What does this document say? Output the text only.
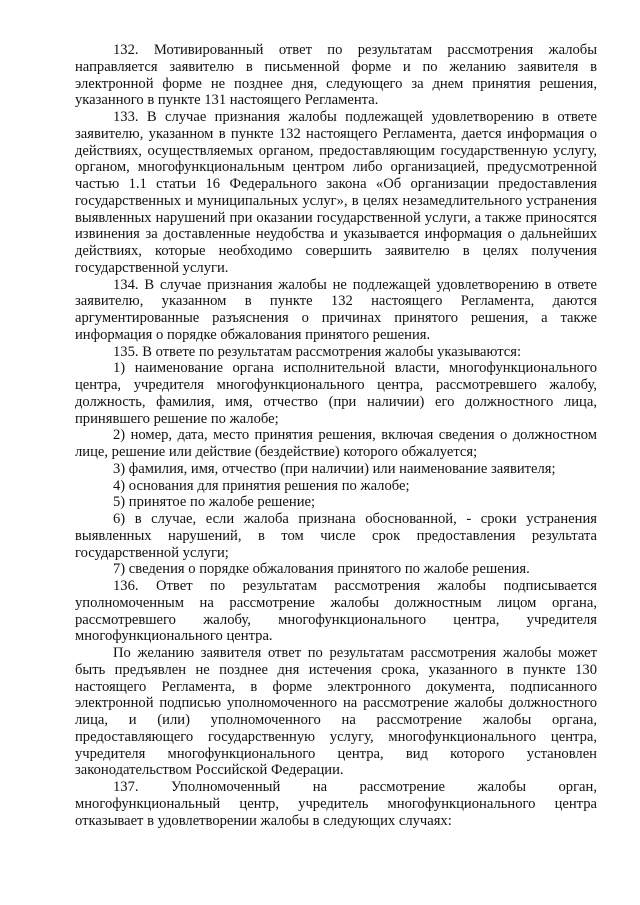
132. Мотивированный ответ по результатам рассмотрения жалобы направляется заявителю в письменной форме и по желанию заявителя в электронной форме не позднее дня, следующего за днем принятия решения, указанного в пункте 131 настоящего Регламента.

133. В случае признания жалобы подлежащей удовлетворению в ответе заявителю, указанном в пункте 132 настоящего Регламента, дается информация о действиях, осуществляемых органом, предоставляющим государственную услугу, органом, многофункциональным центром либо организацией, предусмотренной частью 1.1 статьи 16 Федерального закона «Об организации предоставления государственных и муниципальных услуг», в целях незамедлительного устранения выявленных нарушений при оказании государственной услуги, а также приносятся извинения за доставленные неудобства и указывается информация о дальнейших действиях, которые необходимо совершить заявителю в целях получения государственной услуги.

134. В случае признания жалобы не подлежащей удовлетворению в ответе заявителю, указанном в пункте 132 настоящего Регламента, даются аргументированные разъяснения о причинах принятого решения, а также информация о порядке обжалования принятого решения.

135. В ответе по результатам рассмотрения жалобы указываются:

1) наименование органа исполнительной власти, многофункционального центра, учредителя многофункционального центра, рассмотревшего жалобу, должность, фамилия, имя, отчество (при наличии) его должностного лица, принявшего решение по жалобе;

2) номер, дата, место принятия решения, включая сведения о должностном лице, решение или действие (бездействие) которого обжалуется;

3) фамилия, имя, отчество (при наличии) или наименование заявителя;

4) основания для принятия решения по жалобе;

5) принятое по жалобе решение;

6) в случае, если жалоба признана обоснованной, - сроки устранения выявленных нарушений, в том числе срок предоставления результата государственной услуги;

7) сведения о порядке обжалования принятого по жалобе решения.

136. Ответ по результатам рассмотрения жалобы подписывается уполномоченным на рассмотрение жалобы должностным лицом органа, рассмотревшего жалобу, многофункционального центра, учредителя многофункционального центра.

По желанию заявителя ответ по результатам рассмотрения жалобы может быть предъявлен не позднее дня истечения срока, указанного в пункте 130 настоящего Регламента, в форме электронного документа, подписанного электронной подписью уполномоченного на рассмотрение жалобы должностного лица, и (или) уполномоченного на рассмотрение жалобы органа, предоставляющего государственную услугу, многофункционального центра, учредителя многофункционального центра, вид которого установлен законодательством Российской Федерации.

137. Уполномоченный на рассмотрение жалобы орган, многофункциональный центр, учредитель многофункционального центра отказывает в удовлетворении жалобы в следующих случаях:
